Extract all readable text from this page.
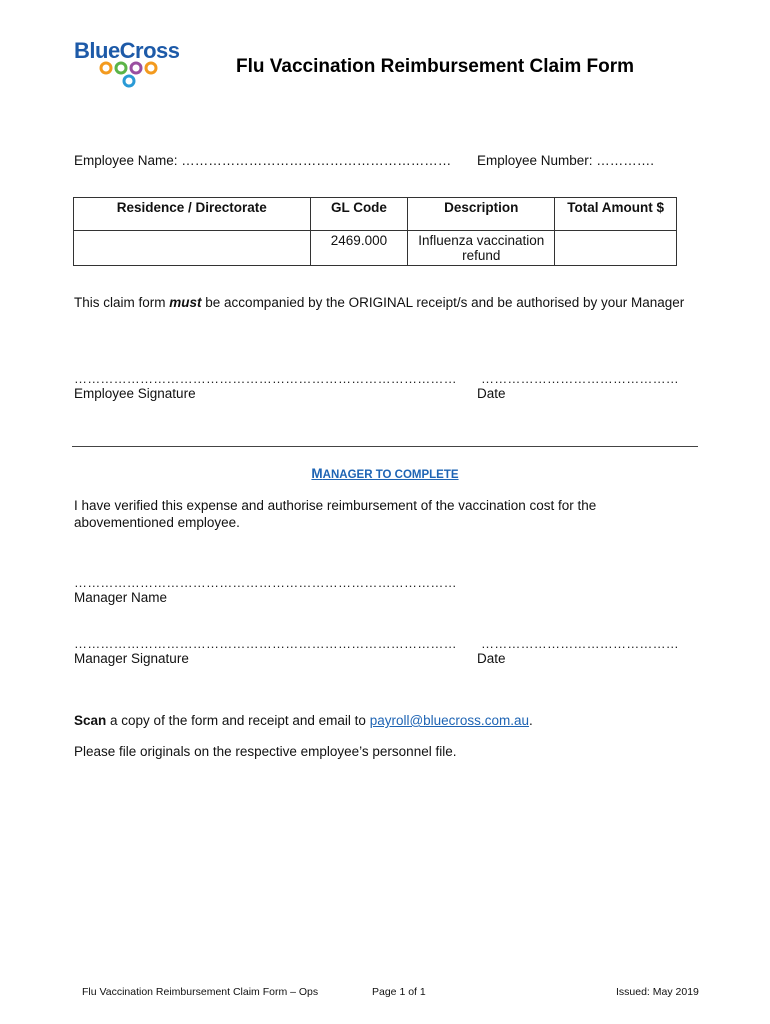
BlueCross
Flu Vaccination Reimbursement Claim Form
Employee Name: …………………………………………………… Employee Number: ………….
Residence / Directorate	GL Code	Description	Total Amount $
	2469.000	Influenza vaccination refund	
This claim form must be accompanied by the ORIGINAL receipt/s and be authorised by your Manager
……………………………………………………………………………
Employee Signature
………………………………………
Date
MANAGER TO COMPLETE
I have verified this expense and authorise reimbursement of the vaccination cost for the abovementioned employee.
……………………………………………………………………………
Manager Name
……………………………………………………………………………
Manager Signature
………………………………………
Date
Scan a copy of the form and receipt and email to payroll@bluecross.com.au.
Please file originals on the respective employee’s personnel file.
Flu Vaccination Reimbursement Claim Form – Ops	Page 1 of 1	Issued: May 2019
